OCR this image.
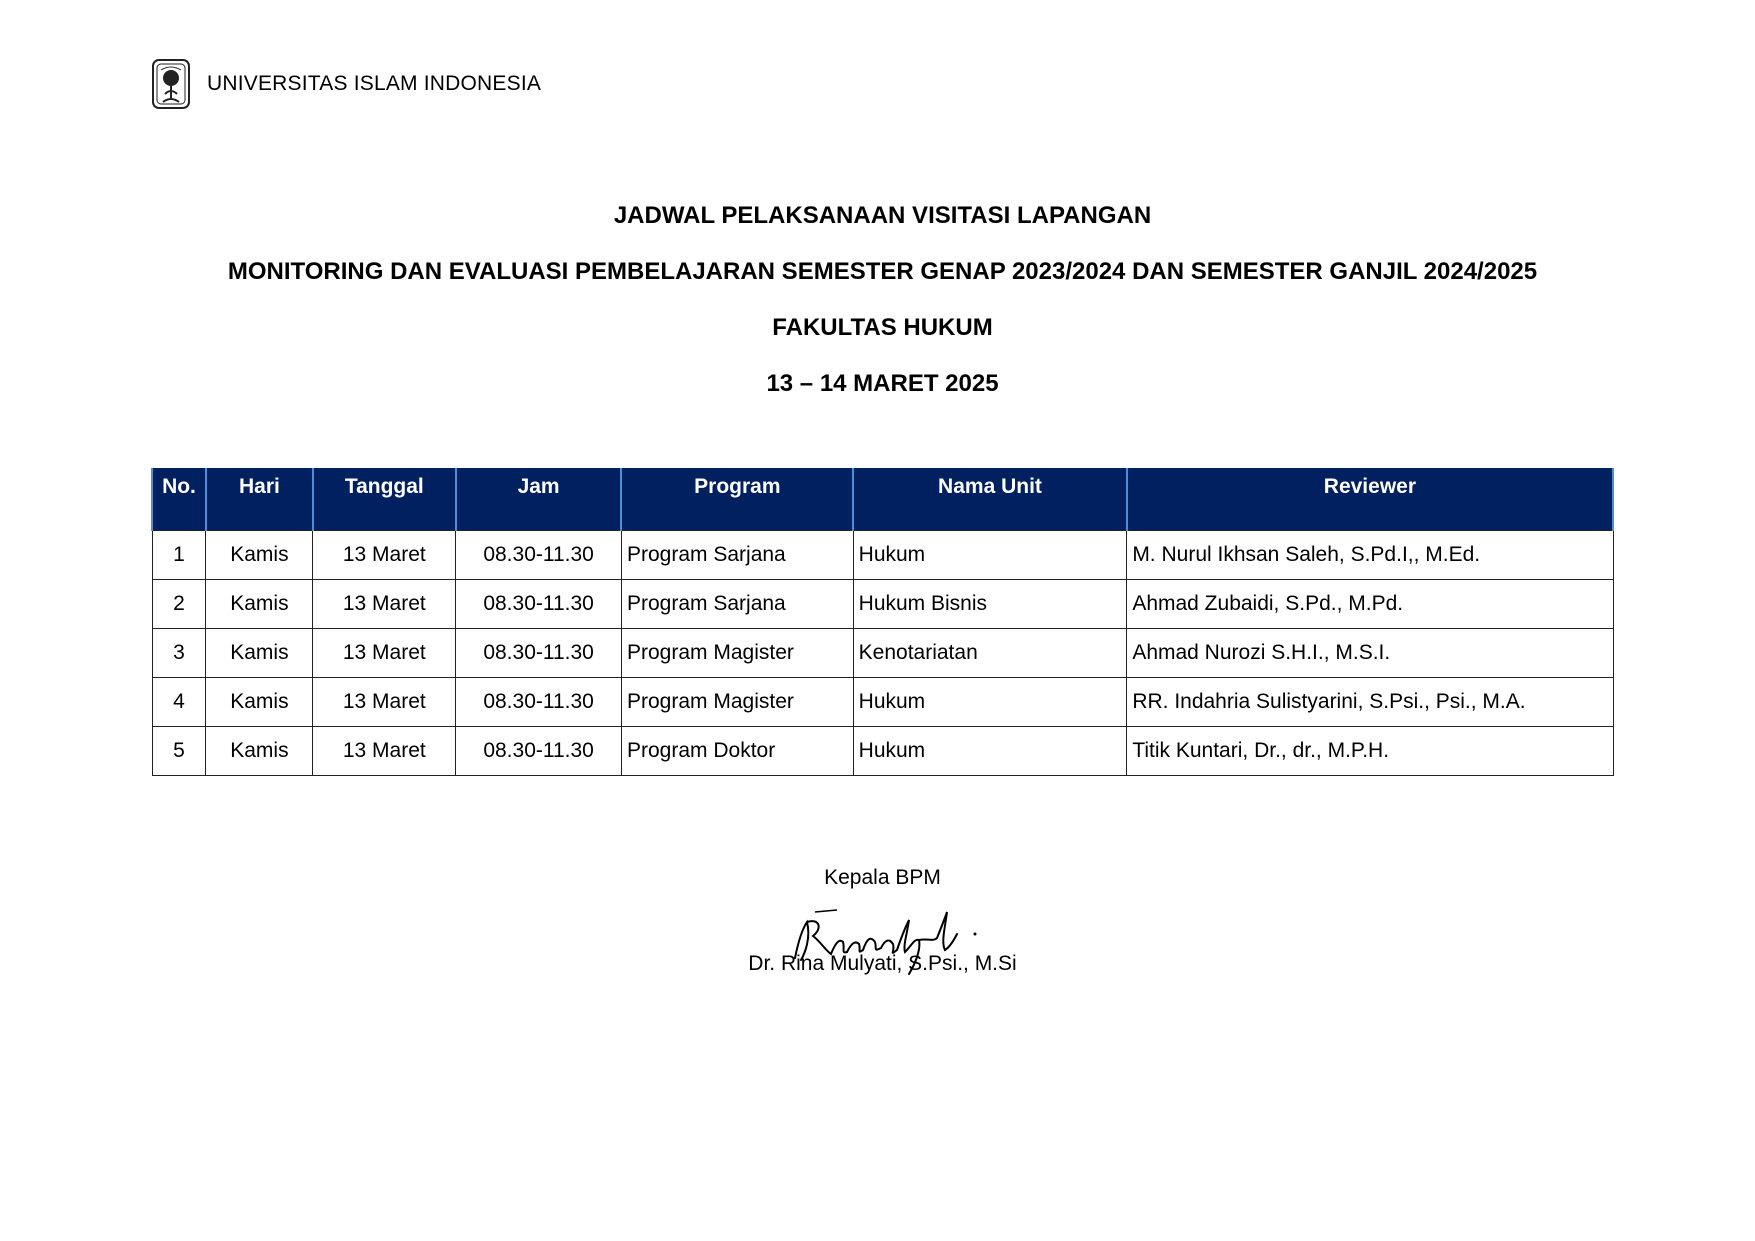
UNIVERSITAS ISLAM INDONESIA
JADWAL PELAKSANAAN VISITASI LAPANGAN
MONITORING DAN EVALUASI PEMBELAJARAN SEMESTER GENAP 2023/2024 DAN SEMESTER GANJIL 2024/2025
FAKULTAS HUKUM
13 – 14 MARET 2025
No.	Hari	Tanggal	Jam	Program	Nama Unit	Reviewer
1	Kamis	13 Maret	08.30-11.30	Program Sarjana	Hukum	M. Nurul Ikhsan Saleh, S.Pd.I,, M.Ed.
2	Kamis	13 Maret	08.30-11.30	Program Sarjana	Hukum Bisnis	Ahmad Zubaidi, S.Pd., M.Pd.
3	Kamis	13 Maret	08.30-11.30	Program Magister	Kenotariatan	Ahmad Nurozi S.H.I., M.S.I.
4	Kamis	13 Maret	08.30-11.30	Program Magister	Hukum	RR. Indahria Sulistyarini, S.Psi., Psi., M.A.
5	Kamis	13 Maret	08.30-11.30	Program Doktor	Hukum	Titik Kuntari, Dr., dr., M.P.H.
Kepala BPM
Dr. Rina Mulyati, S.Psi., M.Si
